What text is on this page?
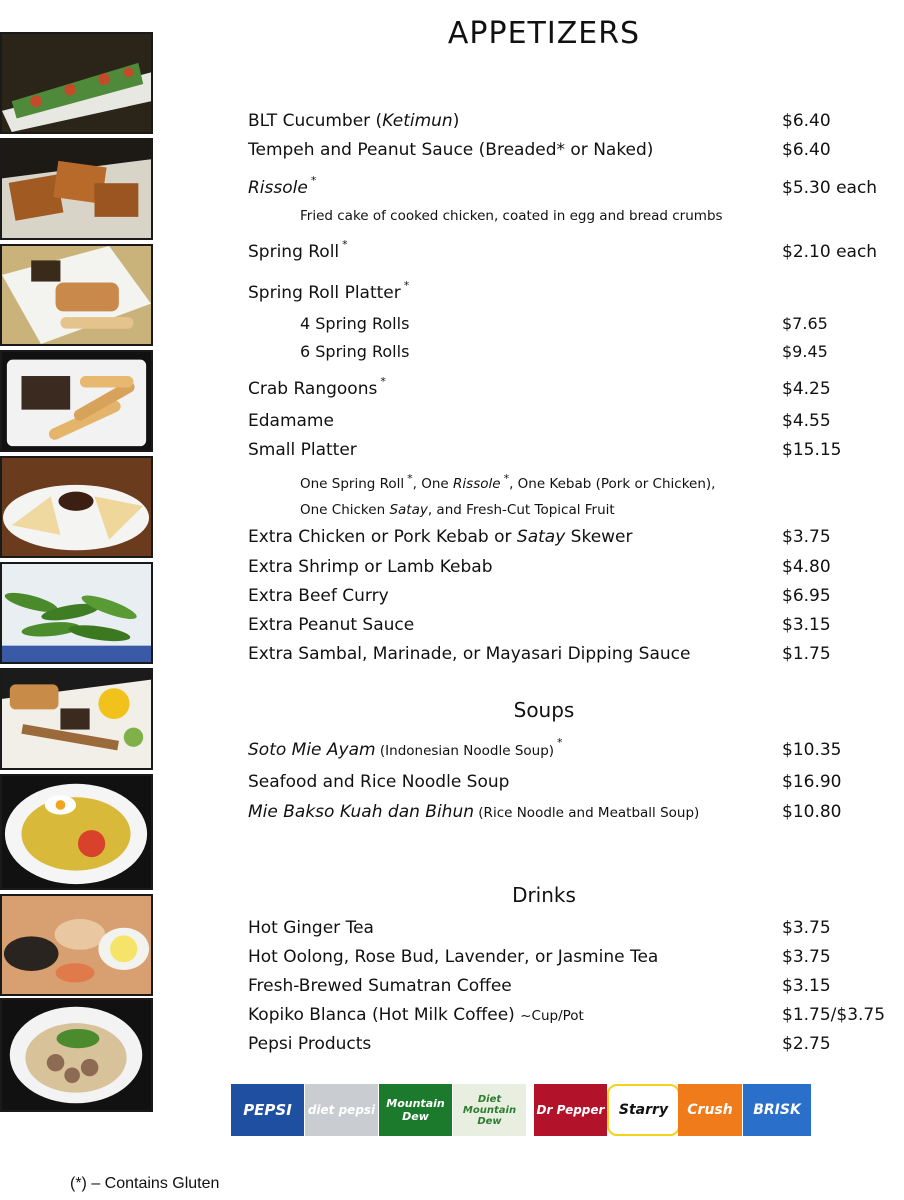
APPETIZERS
BLT Cucumber (Ketimun)	$6.40
Tempeh and Peanut Sauce (Breaded* or Naked)	$6.40
Rissole *	$5.30 each
Fried cake of cooked chicken, coated in egg and bread crumbs
Spring Roll *	$2.10 each
Spring Roll Platter *
4 Spring Rolls	$7.65
6 Spring Rolls	$9.45
Crab Rangoons *	$4.25
Edamame	$4.55
Small Platter	$15.15
One Spring Roll *, One Rissole *, One Kebab (Pork or Chicken),
One Chicken Satay, and Fresh-Cut Topical Fruit
Extra Chicken or Pork Kebab or Satay Skewer	$3.75
Extra Shrimp or Lamb Kebab	$4.80
Extra Beef Curry	$6.95
Extra Peanut Sauce	$3.15
Extra Sambal, Marinade, or Mayasari Dipping Sauce	$1.75
Soups
Soto Mie Ayam (Indonesian Noodle Soup)*	$10.35
Seafood and Rice Noodle Soup	$16.90
Mie Bakso Kuah dan Bihun (Rice Noodle and Meatball Soup)	$10.80
Drinks
Hot Ginger Tea	$3.75
Hot Oolong, Rose Bud, Lavender, or Jasmine Tea	$3.75
Fresh-Brewed Sumatran Coffee	$3.15
Kopiko Blanca (Hot Milk Coffee) ~Cup/Pot	$1.75/$3.75
Pepsi Products	$2.75
PEPSI diet pepsi	Mountain Dew
Diet Mountain Dew
Dr Pepper Starry Crush BRISK
(*) – Contains Gluten
